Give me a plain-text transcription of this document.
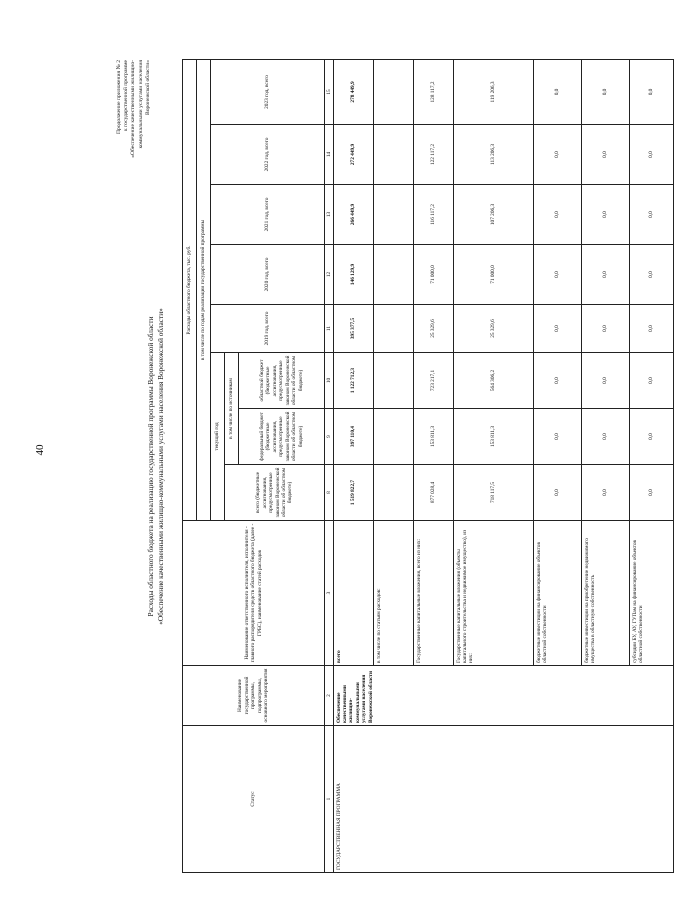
40
Продолжение приложения № 2 к государственной программе «Обеспечение качественными жилищно- коммунальными услугами населения Воронежской области»
Расходы областного бюджета на реализацию государственной программы Воронежской области «Обеспечение качественными жилищно-коммунальными услугами населения Воронежской области»
Статус	Наименование государственной программы, подпрограммы, основного мероприятия	Наименование ответственного исполнителя, исполнителя - главного распорядителя средств областного бюджета (далее - ГРБС), наименование статей расходов	Расходы областного бюджета, тыс. руб.							
			в том числе по годам реализации государственной программы							
			текущий год			2019 год, всего	2020 год, всего	2021 год, всего	2022 год, всего	2023 год, всего
			всего (бюджетные ассигнования, предусмотренные законом Воронежской области об областном бюджете)	в том числе по источникам						
				федеральный бюджет (бюджетные ассигнования, предусмотренные законом Воронежской области об областном бюджете)	областной бюджет (бюджетные ассигнования, предусмотренные законом Воронежской области об областном бюджете)					
1	2	3	8	9	10	11	12	13	14	15
ГОСУДАРСТВЕННАЯ ПРОГРАММА	Обеспечение качественными жилищно-коммунальными услугами населения Воронежской области	всего	1 519 822,7	397 110,4	1 122 712,3	395 377,5	146 129,9	266 449,9	272 449,9	278 449,9
		в том числе по статьям расходов:								
		Государственные капитальные вложения, всего из них:	877 028,4	153 811,3	723 217,1	25 329,6	71 000,0	116 117,2	122 117,2	128 117,2
		Государственные капитальные вложения (объекты капитального строительства и недвижимое имущество), из них:	718 117,5	153 811,3	564 306,2	25 329,6	71 000,0	107 206,3	113 206,3	119 206,3
		бюджетные инвестиции на финансирование объектов областной собственности	0,0	0,0	0,0	0,0	0,0	0,0	0,0	0,0
		бюджетные инвестиции на приобретение недвижимого имущества в областную собственность	0,0	0,0	0,0	0,0	0,0	0,0	0,0	0,0
		субсидии БУ, АУ, ГУПам на финансирование объектов областной собственности	0,0	0,0	0,0	0,0	0,0	0,0	0,0	0,0
